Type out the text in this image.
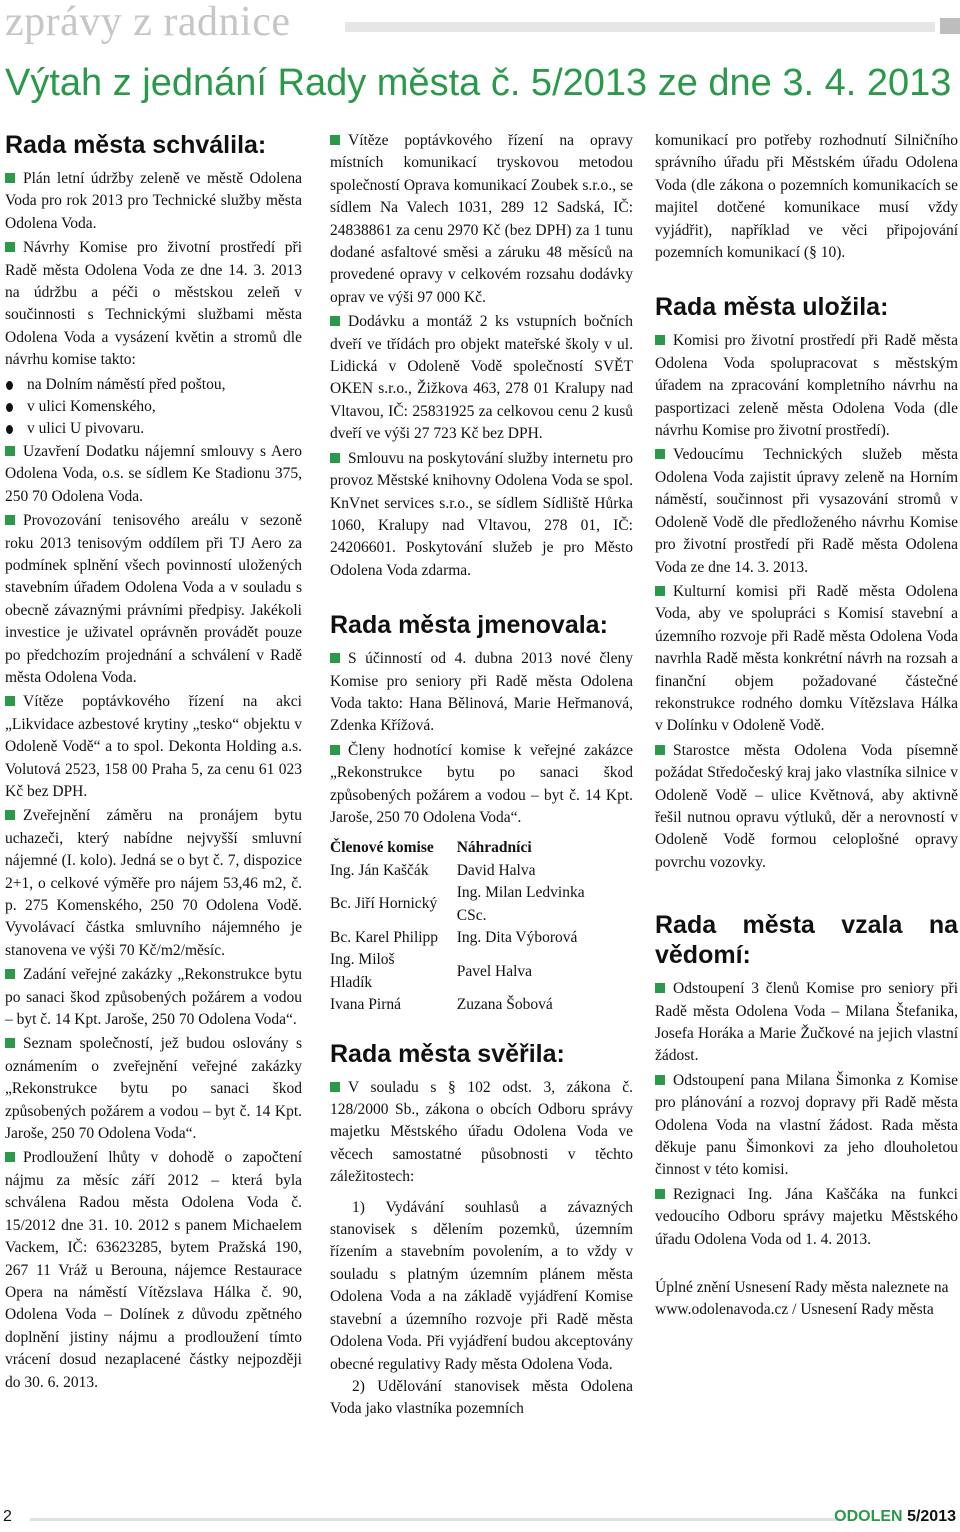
zprávy z radnice
Výtah z jednání Rady města č. 5/2013 ze dne 3. 4. 2013
Rada města schválila:
Plán letní údržby zeleně ve městě Odolena Voda pro rok 2013 pro Technické služby města Odolena Voda.
Návrhy Komise pro životní prostředí při Radě města Odolena Voda ze dne 14. 3. 2013 na údržbu a péči o městskou zeleň v součinnosti s Technickými službami města Odolena Voda a vysázení květin a stromů dle návrhu komise takto:
na Dolním náměstí před poštou,
v ulici Komenského,
v ulici U pivovaru.
Uzavření Dodatku nájemní smlouvy s Aero Odolena Voda, o.s. se sídlem Ke Stadionu 375, 250 70 Odolena Voda.
Provozování tenisového areálu v sezoně roku 2013 tenisovým oddílem při TJ Aero za podmínek splnění všech povinností uložených stavebním úřadem Odolena Voda a v souladu s obecně závaznými právními předpisy. Jakékoli investice je uživatel oprávněn provádět pouze po předchozím projednání a schválení v Radě města Odolena Voda.
Vítěze poptávkového řízení na akci „Likvidace azbestové krytiny „tesko“ objektu v Odoleně Vodě“ a to spol. Dekonta Holding a.s. Volutová 2523, 158 00 Praha 5, za cenu 61 023 Kč bez DPH.
Zveřejnění záměru na pronájem bytu uchazeči, který nabídne nejvyšší smluvní nájemné (I. kolo). Jedná se o byt č. 7, dispozice 2+1, o celkové výměře pro nájem 53,46 m2, č. p. 275 Komenského, 250 70 Odolena Vodě. Vyvolávací částka smluvního nájemného je stanovena ve výši 70 Kč/m2/měsíc.
Zadání veřejné zakázky „Rekonstrukce bytu po sanaci škod způsobených požárem a vodou – byt č. 14 Kpt. Jaroše, 250 70 Odolena Voda“.
Seznam společností, jež budou oslovány s oznámením o zveřejnění veřejné zakázky „Rekonstrukce bytu po sanaci škod způsobených požárem a vodou – byt č. 14 Kpt. Jaroše, 250 70 Odolena Voda“.
Prodloužení lhůty v dohodě o započtení nájmu za měsíc září 2012 – která byla schválena Radou města Odolena Voda č. 15/2012 dne 31. 10. 2012 s panem Michaelem Vackem, IČ: 63623285, bytem Pražská 190, 267 11 Vráž u Berouna, nájemce Restaurace Opera na náměstí Vítězslava Hálka č. 90, Odolena Voda – Dolínek z důvodu zpětného doplnění jistiny nájmu a prodloužení tímto vrácení dosud nezaplacené částky nejpozději do 30. 6. 2013.
Vítěze poptávkového řízení na opravy místních komunikací tryskovou metodou společností Oprava komunikací Zoubek s.r.o., se sídlem Na Valech 1031, 289 12 Sadská, IČ: 24838861 za cenu 2970 Kč (bez DPH) za 1 tunu dodané asfaltové směsi a záruku 48 měsíců na provedené opravy v celkovém rozsahu dodávky oprav ve výši 97 000 Kč.
Dodávku a montáž 2 ks vstupních bočních dveří ve třídách pro objekt mateřské školy v ul. Lidická v Odoleně Vodě společností SVĚT OKEN s.r.o., Žižkova 463, 278 01 Kralupy nad Vltavou, IČ: 25831925 za celkovou cenu 2 kusů dveří ve výši 27 723 Kč bez DPH.
Smlouvu na poskytování služby internetu pro provoz Městské knihovny Odolena Voda se spol. KnVnet services s.r.o., se sídlem Sídliště Hůrka 1060, Kralupy nad Vltavou, 278 01, IČ: 24206601. Poskytování služeb je pro Město Odolena Voda zdarma.
Rada města jmenovala:
S účinností od 4. dubna 2013 nové členy Komise pro seniory při Radě města Odolena Voda takto: Hana Bělinová, Marie Heřmanová, Zdenka Křížová.
Členy hodnotící komise k veřejné zakázce „Rekonstrukce bytu po sanaci škod způsobených požárem a vodou – byt č. 14 Kpt. Jaroše, 250 70 Odolena Voda“.
Členové komise	Náhradníci
Ing. Ján Kaščák	David Halva
Bc. Jiří Hornický	Ing. Milan Ledvinka CSc.
Bc. Karel Philipp	Ing. Dita Výborová
Ing. Miloš Hladík	Pavel Halva
Ivana Pirná	Zuzana Šobová
Rada města svěřila:
V souladu s § 102 odst. 3, zákona č. 128/2000 Sb., zákona o obcích Odboru správy majetku Městského úřadu Odolena Voda ve věcech samostatné působnosti v těchto záležitostech:
1) Vydávání souhlasů a závazných stanovisek s dělením pozemků, územním řízením a stavebním povolením, a to vždy v souladu s platným územním plánem města Odolena Voda a na základě vyjádření Komise stavební a územního rozvoje při Radě města Odolena Voda. Při vyjádření budou akceptovány obecné regulativy Rady města Odolena Voda.
2) Udělování stanovisek města Odolena Voda jako vlastníka pozemních
komunikací pro potřeby rozhodnutí Silničního správního úřadu při Městském úřadu Odolena Voda (dle zákona o pozemních komunikacích se majitel dotčené komunikace musí vždy vyjádřit), například ve věci připojování pozemních komunikací (§ 10).
Rada města uložila:
Komisi pro životní prostředí při Radě města Odolena Voda spolupracovat s městským úřadem na zpracování kompletního návrhu na pasportizaci zeleně města Odolena Voda (dle návrhu Komise pro životní prostředí).
Vedoucímu Technických služeb města Odolena Voda zajistit úpravy zeleně na Horním náměstí, součinnost při vysazování stromů v Odoleně Vodě dle předloženého návrhu Komise pro životní prostředí při Radě města Odolena Voda ze dne 14. 3. 2013.
Kulturní komisi při Radě města Odolena Voda, aby ve spolupráci s Komisí stavební a územního rozvoje při Radě města Odolena Voda navrhla Radě města konkrétní návrh na rozsah a finanční objem požadované částečné rekonstrukce rodného domku Vítězslava Hálka v Dolínku v Odoleně Vodě.
Starostce města Odolena Voda písemně požádat Středočeský kraj jako vlastníka silnice v Odoleně Vodě – ulice Květnová, aby aktivně řešil nutnou opravu výtluků, děr a nerovností v Odoleně Vodě formou celoplošné opravy povrchu vozovky.
Rada města vzala na vědomí:
Odstoupení 3 členů Komise pro seniory při Radě města Odolena Voda – Milana Štefanika, Josefa Horáka a Marie Žučkové na jejich vlastní žádost.
Odstoupení pana Milana Šimonka z Komise pro plánování a rozvoj dopravy při Radě města Odolena Voda na vlastní žádost. Rada města děkuje panu Šimonkovi za jeho dlouholetou činnost v této komisi.
Rezignaci Ing. Jána Kaščáka na funkci vedoucího Odboru správy majetku Městského úřadu Odolena Voda od 1. 4. 2013.
Úplné znění Usnesení Rady města naleznete na www.odolenavoda.cz / Usnesení Rady města
2	ODOLEN 5/2013
